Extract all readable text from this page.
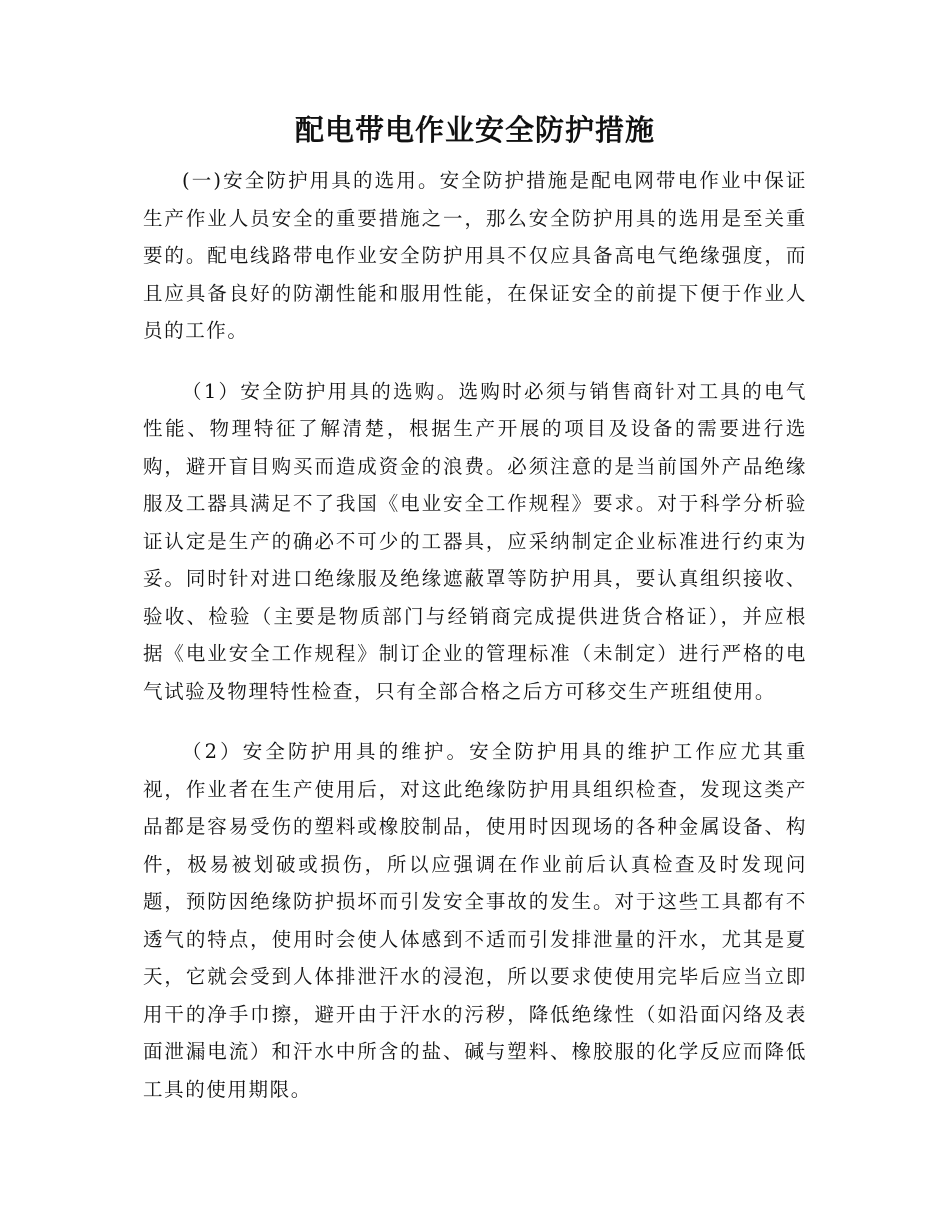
配电带电作业安全防护措施

(一)安全防护用具的选用。安全防护措施是配电网带电作业中保证生产作业人员安全的重要措施之一，那么安全防护用具的选用是至关重要的。配电线路带电作业安全防护用具不仅应具备高电气绝缘强度，而且应具备良好的防潮性能和服用性能，在保证安全的前提下便于作业人员的工作。

（1）安全防护用具的选购。选购时必须与销售商针对工具的电气性能、物理特征了解清楚，根据生产开展的项目及设备的需要进行选购，避开盲目购买而造成资金的浪费。必须注意的是当前国外产品绝缘服及工器具满足不了我国《电业安全工作规程》要求。对于科学分析验证认定是生产的确必不可少的工器具，应采纳制定企业标准进行约束为妥。同时针对进口绝缘服及绝缘遮蔽罩等防护用具，要认真组织接收、验收、检验（主要是物质部门与经销商完成提供进货合格证），并应根据《电业安全工作规程》制订企业的管理标准（未制定）进行严格的电气试验及物理特性检查，只有全部合格之后方可移交生产班组使用。

（2）安全防护用具的维护。安全防护用具的维护工作应尤其重视，作业者在生产使用后，对这此绝缘防护用具组织检查，发现这类产品都是容易受伤的塑料或橡胶制品，使用时因现场的各种金属设备、构件，极易被划破或损伤，所以应强调在作业前后认真检查及时发现问题，预防因绝缘防护损坏而引发安全事故的发生。对于这些工具都有不透气的特点，使用时会使人体感到不适而引发排泄量的汗水，尤其是夏天，它就会受到人体排泄汗水的浸泡，所以要求使使用完毕后应当立即用干的净手巾擦，避开由于汗水的污秽，降低绝缘性（如沿面闪络及表面泄漏电流）和汗水中所含的盐、碱与塑料、橡胶服的化学反应而降低工具的使用期限。
